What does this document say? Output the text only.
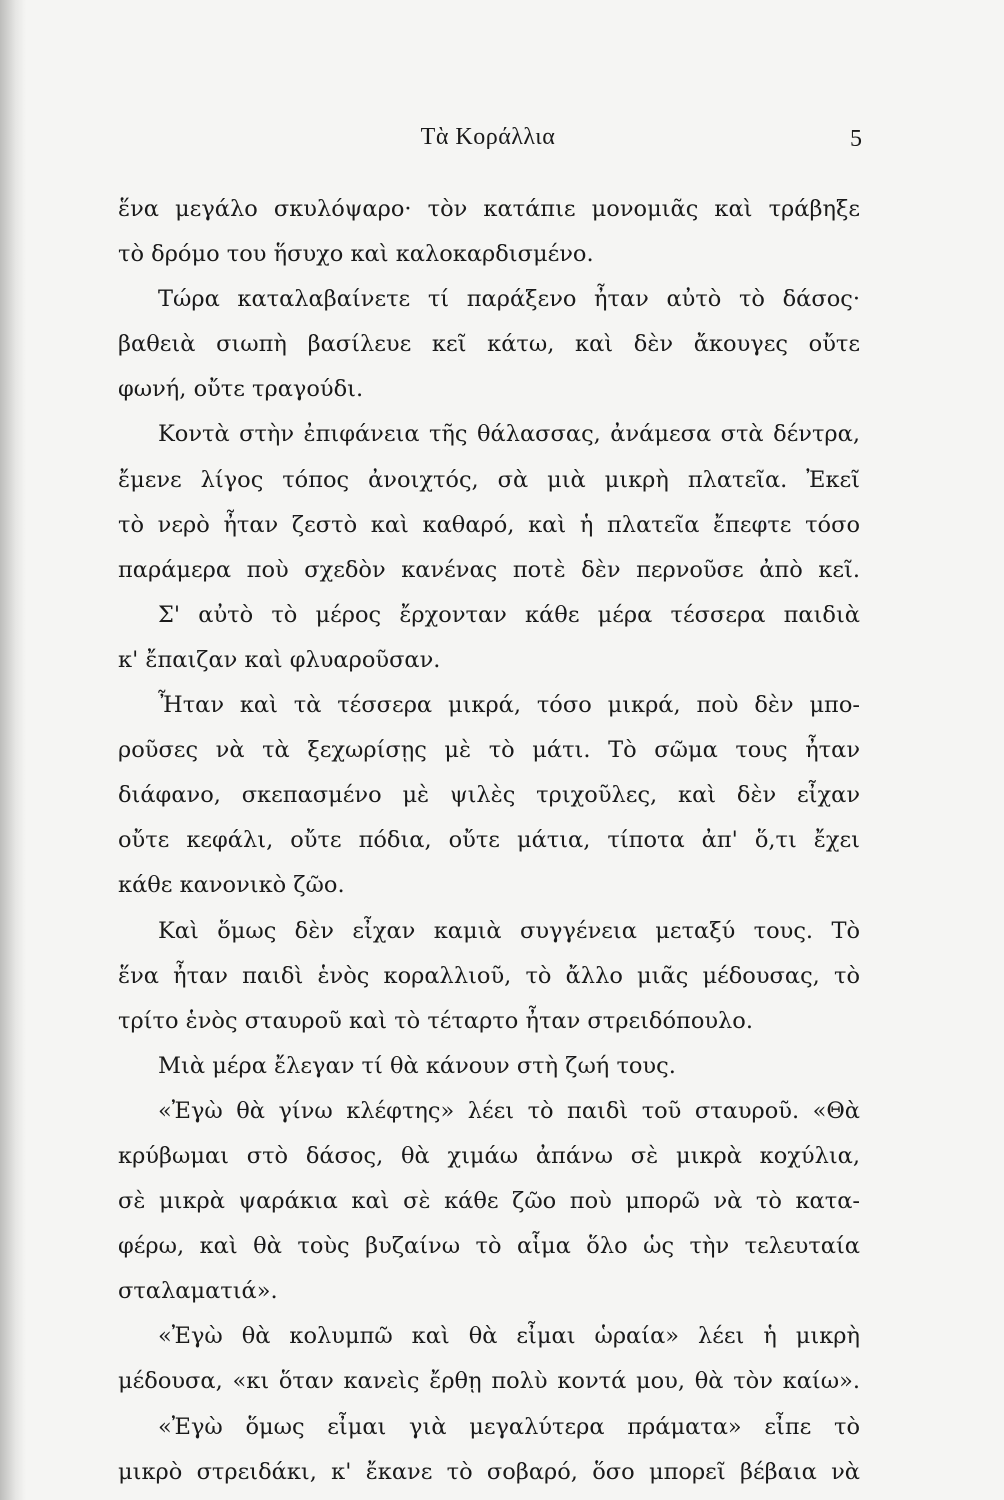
Τὰ Κοράλλια	5
ἕνα μεγάλο σκυλόψαρο· τὸν κατάπιε μονομιᾶς καὶ τράβηξε
τὸ δρόμο του ἥσυχο καὶ καλοκαρδισμένο.
Τώρα καταλαβαίνετε τί παράξενο ἦταν αὐτὸ τὸ δάσος·
βαθειὰ σιωπὴ βασίλευε κεῖ κάτω, καὶ δὲν ἄκουγες οὔτε
φωνή, οὔτε τραγούδι.
Κοντὰ στὴν ἐπιφάνεια τῆς θάλασσας, ἀνάμεσα στὰ δέντρα,
ἔμενε λίγος τόπος ἀνοιχτός, σὰ μιὰ μικρὴ πλατεῖα. Ἐκεῖ
τὸ νερὸ ἦταν ζεστὸ καὶ καθαρό, καὶ ἡ πλατεῖα ἔπεφτε τόσο
παράμερα ποὺ σχεδὸν κανένας ποτὲ δὲν περνοῦσε ἀπὸ κεῖ.
Σ' αὐτὸ τὸ μέρος ἔρχονταν κάθε μέρα τέσσερα παιδιὰ
κ' ἔπαιζαν καὶ φλυαροῦσαν.
Ἦταν καὶ τὰ τέσσερα μικρά, τόσο μικρά, ποὺ δὲν μπο-
ροῦσες νὰ τὰ ξεχωρίσῃς μὲ τὸ μάτι. Τὸ σῶμα τους ἦταν
διάφανο, σκεπασμένο μὲ ψιλὲς τριχοῦλες, καὶ δὲν εἶχαν
οὔτε κεφάλι, οὔτε πόδια, οὔτε μάτια, τίποτα ἀπ' ὅ,τι ἔχει
κάθε κανονικὸ ζῶο.
Καὶ ὅμως δὲν εἶχαν καμιὰ συγγένεια μεταξύ τους. Τὸ
ἕνα ἦταν παιδὶ ἑνὸς κοραλλιοῦ, τὸ ἄλλο μιᾶς μέδουσας, τὸ
τρίτο ἑνὸς σταυροῦ καὶ τὸ τέταρτο ἦταν στρειδόπουλο.
Μιὰ μέρα ἔλεγαν τί θὰ κάνουν στὴ ζωή τους.
«Ἐγὼ θὰ γίνω κλέφτης» λέει τὸ παιδὶ τοῦ σταυροῦ. «Θὰ
κρύβωμαι στὸ δάσος, θὰ χιμάω ἀπάνω σὲ μικρὰ κοχύλια,
σὲ μικρὰ ψαράκια καὶ σὲ κάθε ζῶο ποὺ μπορῶ νὰ τὸ κατα-
φέρω, καὶ θὰ τοὺς βυζαίνω τὸ αἷμα ὅλο ὡς τὴν τελευταία
σταλαματιά».
«Ἐγὼ θὰ κολυμπῶ καὶ θὰ εἶμαι ὡραία» λέει ἡ μικρὴ
μέδουσα, «κι ὅταν κανεὶς ἔρθῃ πολὺ κοντά μου, θὰ τὸν καίω».
«Ἐγὼ ὅμως εἶμαι γιὰ μεγαλύτερα πράματα» εἶπε τὸ
μικρὸ στρειδάκι, κ' ἔκανε τὸ σοβαρό, ὅσο μπορεῖ βέβαια νὰ
